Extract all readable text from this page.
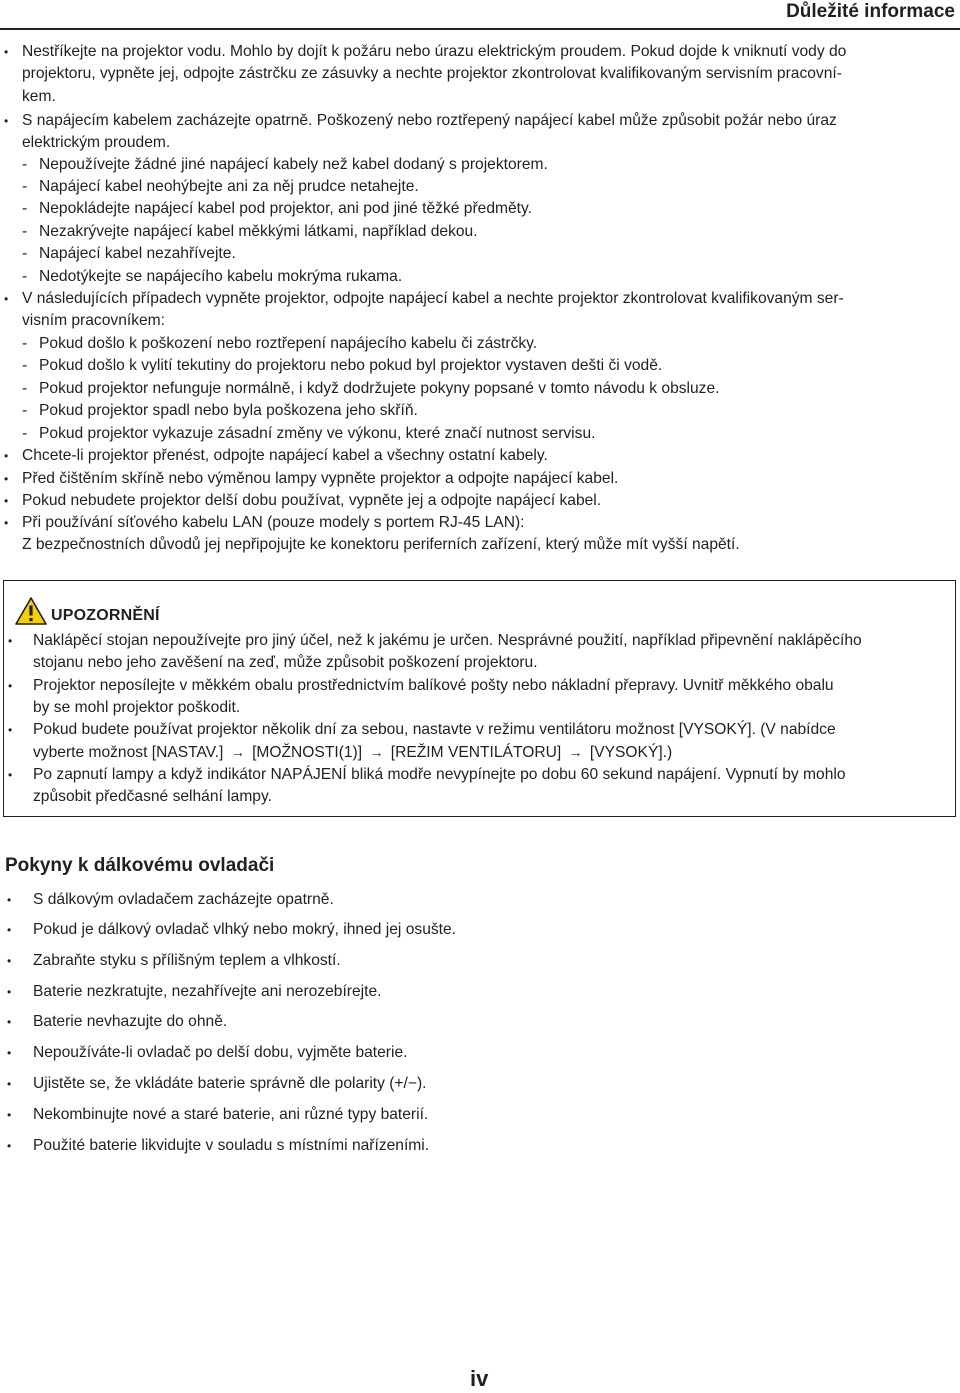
Důležité informace
• Nestříkejte na projektor vodu. Mohlo by dojít k požáru nebo úrazu elektrickým proudem. Pokud dojde k vniknutí vody do
projektoru, vypněte jej, odpojte zástrčku ze zásuvky a nechte projektor zkontrolovat kvalifikovaným servisním pracovní-
kem.
• S napájecím kabelem zacházejte opatrně. Poškozený nebo roztřepený napájecí kabel může způsobit požár nebo úraz
elektrickým proudem.
- Nepoužívejte žádné jiné napájecí kabely než kabel dodaný s projektorem.
- Napájecí kabel neohýbejte ani za něj prudce netahejte.
- Nepokládejte napájecí kabel pod projektor, ani pod jiné těžké předměty.
- Nezakrývejte napájecí kabel měkkými látkami, například dekou.
- Napájecí kabel nezahřívejte.
- Nedotýkejte se napájecího kabelu mokrýma rukama.
• V následujících případech vypněte projektor, odpojte napájecí kabel a nechte projektor zkontrolovat kvalifikovaným ser-
visním pracovníkem:
- Pokud došlo k poškození nebo roztřepení napájecího kabelu či zástrčky.
- Pokud došlo k vylití tekutiny do projektoru nebo pokud byl projektor vystaven dešti či vodě.
- Pokud projektor nefunguje normálně, i když dodržujete pokyny popsané v tomto návodu k obsluze.
- Pokud projektor spadl nebo byla poškozena jeho skříň.
- Pokud projektor vykazuje zásadní změny ve výkonu, které značí nutnost servisu.
• Chcete-li projektor přenést, odpojte napájecí kabel a všechny ostatní kabely.
• Před čištěním skříně nebo výměnou lampy vypněte projektor a odpojte napájecí kabel.
• Pokud nebudete projektor delší dobu používat, vypněte jej a odpojte napájecí kabel.
• Při používání síťového kabelu LAN (pouze modely s portem RJ-45 LAN):
Z bezpečnostních důvodů jej nepřipojujte ke konektoru periferních zařízení, který může mít vyšší napětí.
UPOZORNĚNÍ
• Naklápěcí stojan nepoužívejte pro jiný účel, než k jakému je určen. Nesprávné použití, například připevnění naklápěcího
stojanu nebo jeho zavěšení na zeď, může způsobit poškození projektoru.
• Projektor neposílejte v měkkém obalu prostřednictvím balíkové pošty nebo nákladní přepravy. Uvnitř měkkého obalu
by se mohl projektor poškodit.
• Pokud budete používat projektor několik dní za sebou, nastavte v režimu ventilátoru možnost [VYSOKÝ]. (V nabídce
vyberte možnost [NASTAV.] → [MOŽNOSTI(1)] → [REŽIM VENTILÁTORU] → [VYSOKÝ].)
• Po zapnutí lampy a když indikátor NAPÁJENÍ bliká modře nevypínejte po dobu 60 sekund napájení. Vypnutí by mohlo
způsobit předčasné selhání lampy.
Pokyny k dálkovému ovladači
• S dálkovým ovladačem zacházejte opatrně.
• Pokud je dálkový ovladač vlhký nebo mokrý, ihned jej osušte.
• Zabraňte styku s přílišným teplem a vlhkostí.
• Baterie nezkratujte, nezahřívejte ani nerozebírejte.
• Baterie nevhazujte do ohně.
• Nepoužíváte-li ovladač po delší dobu, vyjměte baterie.
• Ujistěte se, že vkládáte baterie správně dle polarity (+/−).
• Nekombinujte nové a staré baterie, ani různé typy baterií.
• Použité baterie likvidujte v souladu s místními nařízeními.
iv
